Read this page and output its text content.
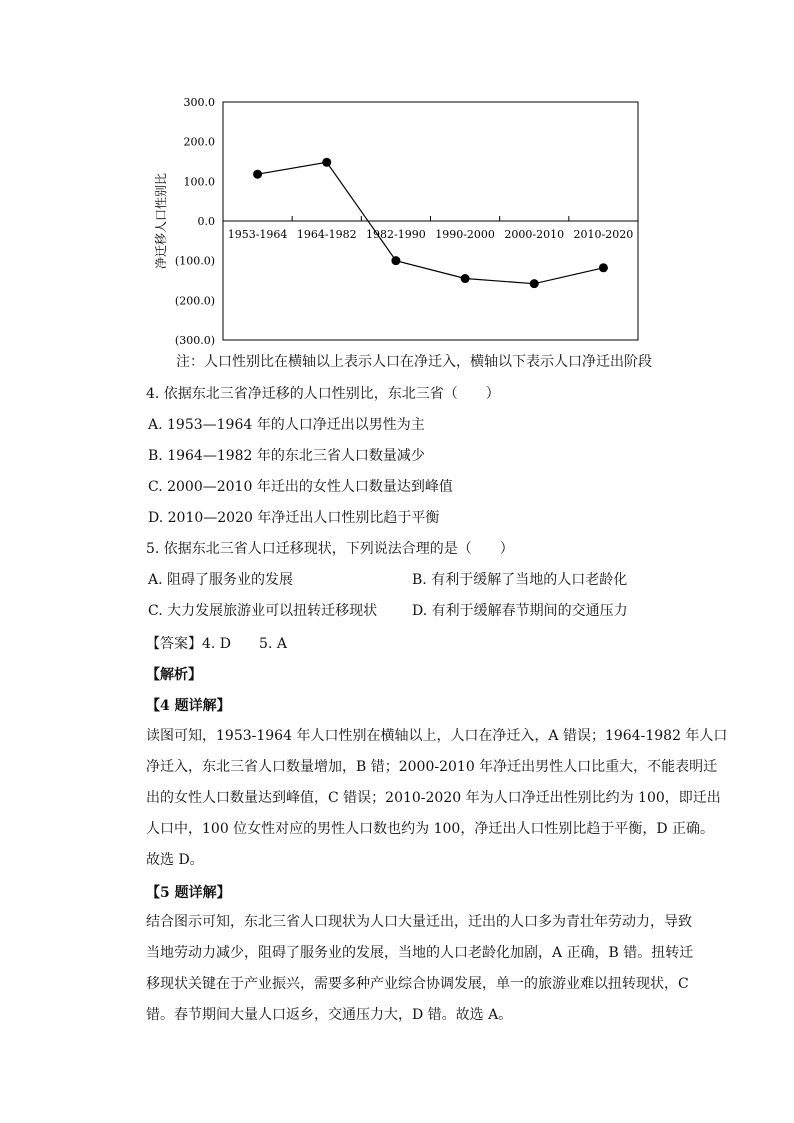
300.0
200.0
100.0
0.0
(100.0)
(200.0)
(300.0)
1953-1964 1964-1982 1982-1990 1990-2000 2000-2010 2010-2020
净迁移人口性别比
注：人口性别比在横轴以上表示人口在净迁入，横轴以下表示人口净迁出阶段
4. 依据东北三省净迁移的人口性别比，东北三省（　　）
A. 1953—1964 年的人口净迁出以男性为主
B. 1964—1982 年的东北三省人口数量减少
C. 2000—2010 年迁出的女性人口数量达到峰值
D. 2010—2020 年净迁出人口性别比趋于平衡
5. 依据东北三省人口迁移现状，下列说法合理的是（　　）
A. 阻碍了服务业的发展	B. 有利于缓解了当地的人口老龄化
C. 大力发展旅游业可以扭转迁移现状 D. 有利于缓解春节期间的交通压力
【答案】4. D　　5. A
【解析】
【4 题详解】
读图可知，1953-1964 年人口性别在横轴以上，人口在净迁入，A 错误；1964-1982 年人口
净迁入，东北三省人口数量增加，B 错；2000-2010 年净迁出男性人口比重大，不能表明迁
出的女性人口数量达到峰值，C 错误；2010-2020 年为人口净迁出性别比约为 100，即迁出
人口中，100 位女性对应的男性人口数也约为 100，净迁出人口性别比趋于平衡，D 正确。
故选 D。
【5 题详解】
结合图示可知，东北三省人口现状为人口大量迁出，迁出的人口多为青壮年劳动力，导致
当地劳动力减少，阻碍了服务业的发展，当地的人口老龄化加剧，A 正确，B 错。扭转迁
移现状关键在于产业振兴，需要多种产业综合协调发展，单一的旅游业难以扭转现状，C
错。春节期间大量人口返乡，交通压力大，D 错。故选 A。
